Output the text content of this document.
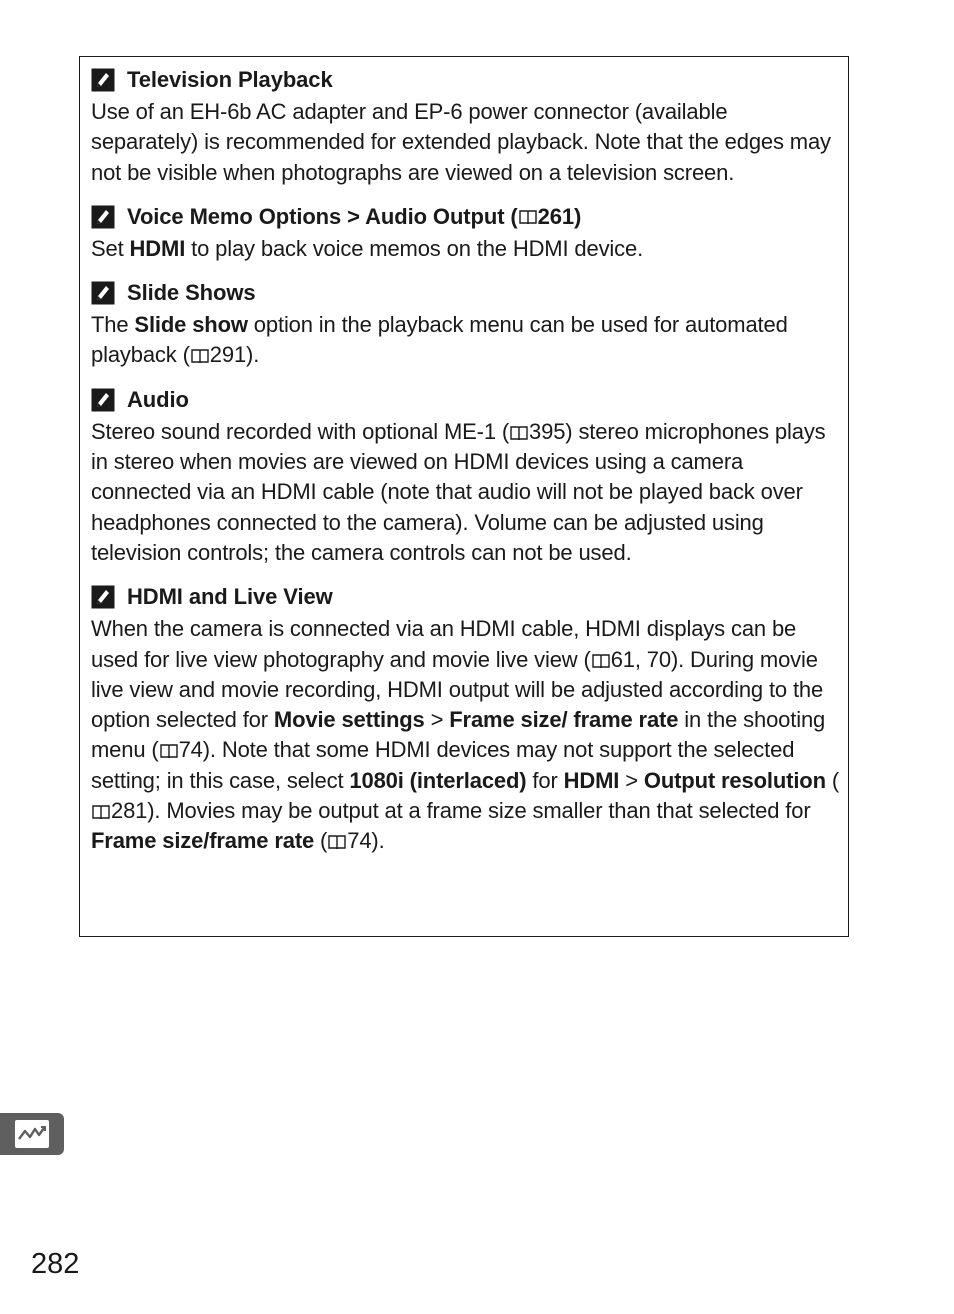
Television Playback

Use of an EH-6b AC adapter and EP-6 power connector (available separately) is recommended for extended playback. Note that the edges may not be visible when photographs are viewed on a television screen.

Voice Memo Options > Audio Output ( 261)

Set HDMI to play back voice memos on the HDMI device.

Slide Shows

The Slide show option in the playback menu can be used for automated playback ( 291).

Audio

Stereo sound recorded with optional ME-1 ( 395) stereo microphones plays in stereo when movies are viewed on HDMI devices using a camera connected via an HDMI cable (note that audio will not be played back over headphones connected to the camera). Volume can be adjusted using television controls; the camera controls can not be used.

HDMI and Live View

When the camera is connected via an HDMI cable, HDMI displays can be used for live view photography and movie live view ( 61, 70). During movie live view and movie recording, HDMI output will be adjusted according to the option selected for Movie settings > Frame size/ frame rate in the shooting menu ( 74). Note that some HDMI devices may not support the selected setting; in this case, select 1080i (interlaced) for HDMI > Output resolution (281). Movies may be output at a frame size smaller than that selected for Frame size/frame rate ( 74).

282
